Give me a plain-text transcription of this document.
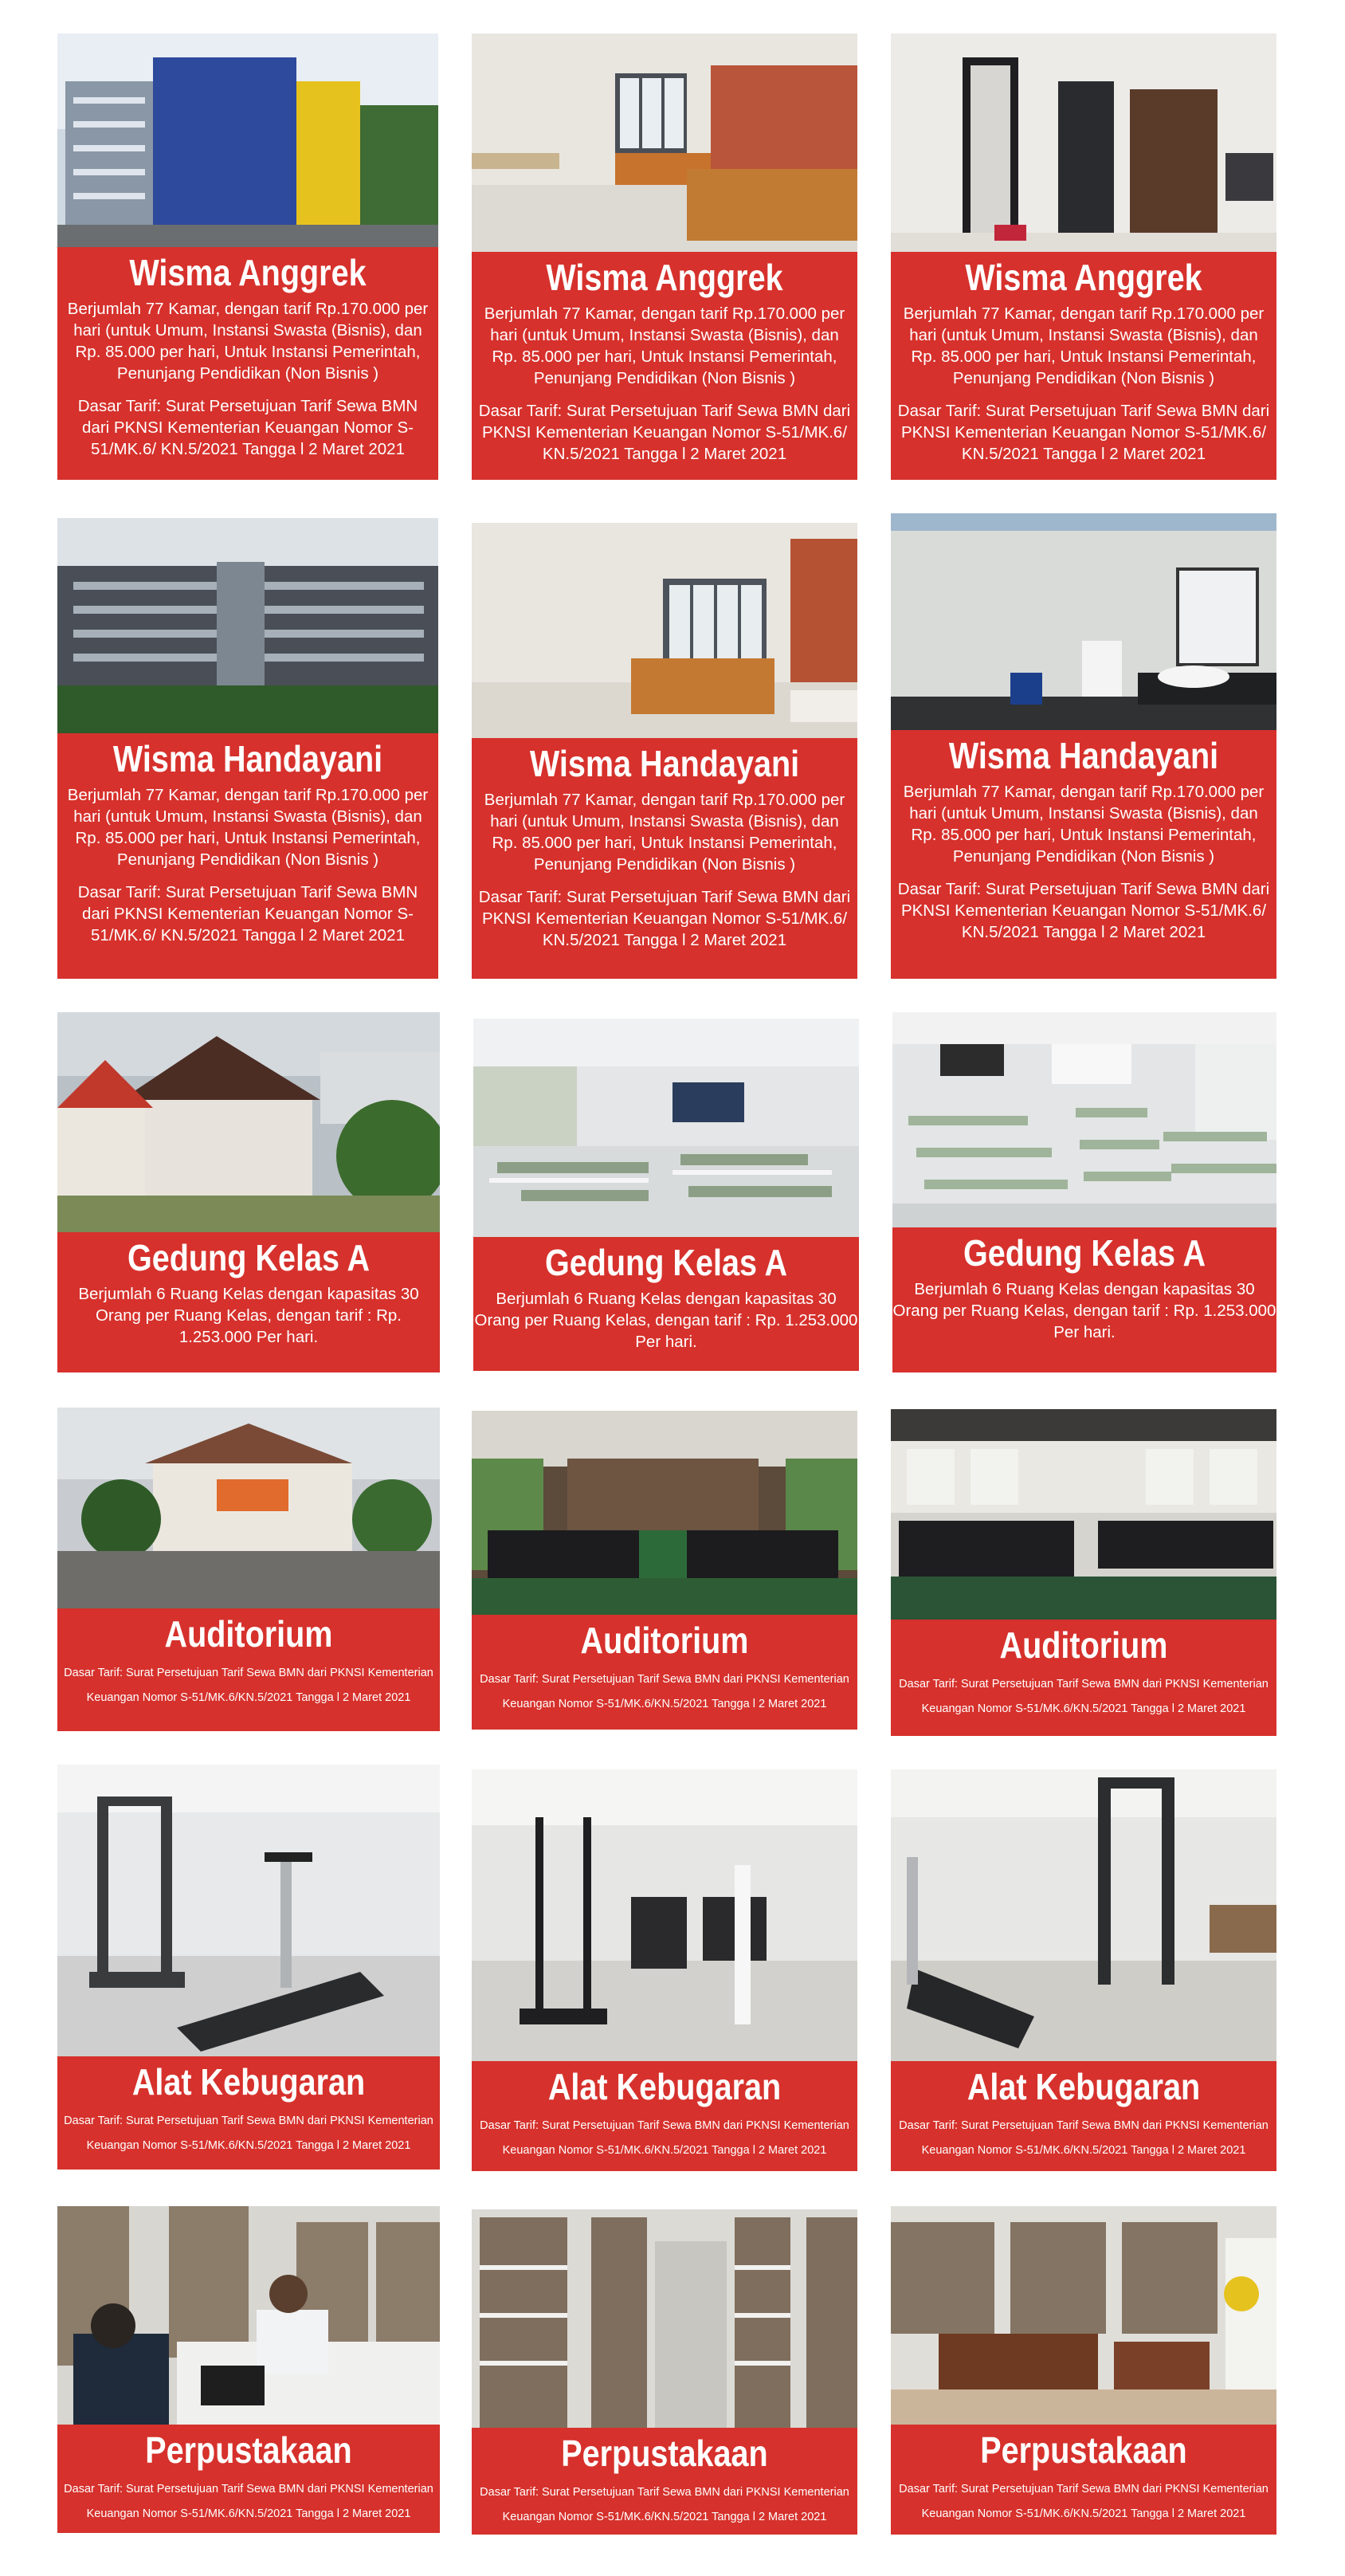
Wisma Anggrek
Berjumlah 77 Kamar, dengan tarif Rp.170.000 per hari (untuk Umum, Instansi Swasta (Bisnis), dan Rp. 85.000 per hari, Untuk Instansi Pemerintah, Penunjang Pendidikan (Non Bisnis )
Dasar Tarif: Surat Persetujuan Tarif Sewa BMN dari PKNSI Kementerian Keuangan Nomor S-51/MK.6/ KN.5/2021 Tangga l 2 Maret 2021
Wisma Anggrek
Berjumlah 77 Kamar, dengan tarif Rp.170.000 per hari (untuk Umum, Instansi Swasta (Bisnis), dan Rp. 85.000 per hari, Untuk Instansi Pemerintah, Penunjang Pendidikan (Non Bisnis )
Dasar Tarif: Surat Persetujuan Tarif Sewa BMN dari PKNSI Kementerian Keuangan Nomor S-51/MK.6/ KN.5/2021 Tangga l 2 Maret 2021
Wisma Anggrek
Berjumlah 77 Kamar, dengan tarif Rp.170.000 per hari (untuk Umum, Instansi Swasta (Bisnis), dan Rp. 85.000 per hari, Untuk Instansi Pemerintah, Penunjang Pendidikan (Non Bisnis )
Dasar Tarif: Surat Persetujuan Tarif Sewa BMN dari PKNSI Kementerian Keuangan Nomor S-51/MK.6/ KN.5/2021 Tangga l 2 Maret 2021
Wisma Handayani
Berjumlah 77 Kamar, dengan tarif Rp.170.000 per hari (untuk Umum, Instansi Swasta (Bisnis), dan Rp. 85.000 per hari, Untuk Instansi Pemerintah, Penunjang Pendidikan (Non Bisnis )
Dasar Tarif: Surat Persetujuan Tarif Sewa BMN dari PKNSI Kementerian Keuangan Nomor S-51/MK.6/ KN.5/2021 Tangga l 2 Maret 2021
Wisma Handayani
Berjumlah 77 Kamar, dengan tarif Rp.170.000 per hari (untuk Umum, Instansi Swasta (Bisnis), dan Rp. 85.000 per hari, Untuk Instansi Pemerintah, Penunjang Pendidikan (Non Bisnis )
Dasar Tarif: Surat Persetujuan Tarif Sewa BMN dari PKNSI Kementerian Keuangan Nomor S-51/MK.6/ KN.5/2021 Tangga l 2 Maret 2021
Wisma Handayani
Berjumlah 77 Kamar, dengan tarif Rp.170.000 per hari (untuk Umum, Instansi Swasta (Bisnis), dan Rp. 85.000 per hari, Untuk Instansi Pemerintah, Penunjang Pendidikan (Non Bisnis )
Dasar Tarif: Surat Persetujuan Tarif Sewa BMN dari PKNSI Kementerian Keuangan Nomor S-51/MK.6/ KN.5/2021 Tangga l 2 Maret 2021
Gedung Kelas A
Berjumlah 6 Ruang Kelas dengan kapasitas 30 Orang per Ruang Kelas, dengan tarif : Rp. 1.253.000 Per hari.
Gedung Kelas A
Berjumlah 6 Ruang Kelas dengan kapasitas 30 Orang per Ruang Kelas, dengan tarif : Rp. 1.253.000 Per hari.
Gedung Kelas A
Berjumlah 6 Ruang Kelas dengan kapasitas 30 Orang per Ruang Kelas, dengan tarif : Rp. 1.253.000 Per hari.
Auditorium
Dasar Tarif: Surat Persetujuan Tarif Sewa BMN dari PKNSI Kementerian Keuangan Nomor S-51/MK.6/KN.5/2021 Tangga l 2 Maret 2021
Auditorium
Dasar Tarif: Surat Persetujuan Tarif Sewa BMN dari PKNSI Kementerian Keuangan Nomor S-51/MK.6/KN.5/2021 Tangga l 2 Maret 2021
Auditorium
Dasar Tarif: Surat Persetujuan Tarif Sewa BMN dari PKNSI Kementerian Keuangan Nomor S-51/MK.6/KN.5/2021 Tangga l 2 Maret 2021
Alat Kebugaran
Dasar Tarif: Surat Persetujuan Tarif Sewa BMN dari PKNSI Kementerian Keuangan Nomor S-51/MK.6/KN.5/2021 Tangga l 2 Maret 2021
Alat Kebugaran
Dasar Tarif: Surat Persetujuan Tarif Sewa BMN dari PKNSI Kementerian Keuangan Nomor S-51/MK.6/KN.5/2021 Tangga l 2 Maret 2021
Alat Kebugaran
Dasar Tarif: Surat Persetujuan Tarif Sewa BMN dari PKNSI Kementerian Keuangan Nomor S-51/MK.6/KN.5/2021 Tangga l 2 Maret 2021
Perpustakaan
Dasar Tarif: Surat Persetujuan Tarif Sewa BMN dari PKNSI Kementerian Keuangan Nomor S-51/MK.6/KN.5/2021 Tangga l 2 Maret 2021
Perpustakaan
Dasar Tarif: Surat Persetujuan Tarif Sewa BMN dari PKNSI Kementerian Keuangan Nomor S-51/MK.6/KN.5/2021 Tangga l 2 Maret 2021
Perpustakaan
Dasar Tarif: Surat Persetujuan Tarif Sewa BMN dari PKNSI Kementerian Keuangan Nomor S-51/MK.6/KN.5/2021 Tangga l 2 Maret 2021
